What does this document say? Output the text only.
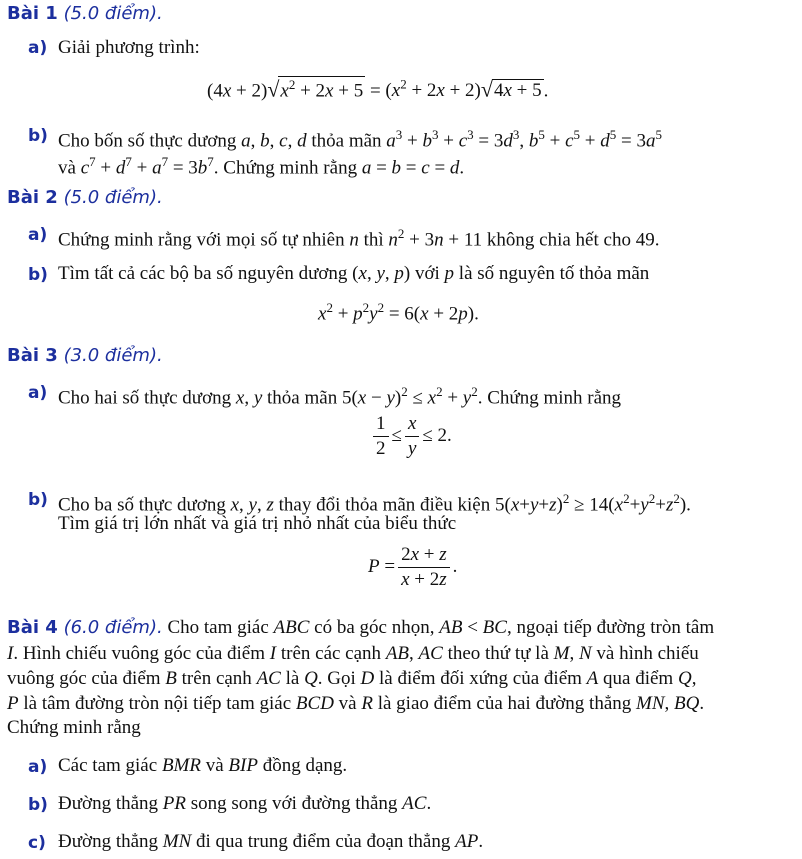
Bài 1 (5.0 điểm).
a) Giải phương trình:
$(4x + 2)√x^2 + 2x + 5 = (x^2 + 2x + 2)√4x + 5$ .
b) Cho bốn số thực dương a, b, c, d thỏa mãn $a^3 + b^3 + c^3 = 3d^3$, $b^5 + c^5 + d^5 = 3a^5$
và $c^7 + d^7 + a^7 = 3b^7$. Chứng minh rằng a = b = c = d.
Bài 2 (5.0 điểm).
a) Chứng minh rằng với mọi số tự nhiên n thì $n^2 + 3n + 11$ không chia hết cho 49.
b) Tìm tất cả các bộ ba số nguyên dương (x, y, p) với p là số nguyên tố thỏa mãn
$x^2 + p^2y^2 = 6(x + 2p)$.
Bài 3 (3.0 điểm).
a) Cho hai số thực dương x, y thỏa mãn $5(x - y)^2 \le x^2 + y^2$. Chứng minh rằng
$\frac{1}{2} \le \frac{x}{y} \le 2$.
b) Cho ba số thực dương x, y, z thay đổi thỏa mãn điều kiện $5(x+y+z)^2 \ge 14(x^2+y^2+z^2)$.
Tìm giá trị lớn nhất và giá trị nhỏ nhất của biểu thức
$P = \frac{2x + z}{x + 2z}$ .
Bài 4 (6.0 điểm). Cho tam giác ABC có ba góc nhọn, AB < BC, ngoại tiếp đường tròn tâm
I. Hình chiếu vuông góc của điểm I trên các cạnh AB, AC theo thứ tự là M, N và hình chiếu
vuông góc của điểm B trên cạnh AC là Q. Gọi D là điểm đối xứng của điểm A qua điểm Q,
P là tâm đường tròn nội tiếp tam giác BCD và R là giao điểm của hai đường thẳng MN, BQ.
Chứng minh rằng
a) Các tam giác BMR và BIP đồng dạng.
b) Đường thẳng PR song song với đường thẳng AC.
c) Đường thẳng MN đi qua trung điểm của đoạn thẳng AP.
